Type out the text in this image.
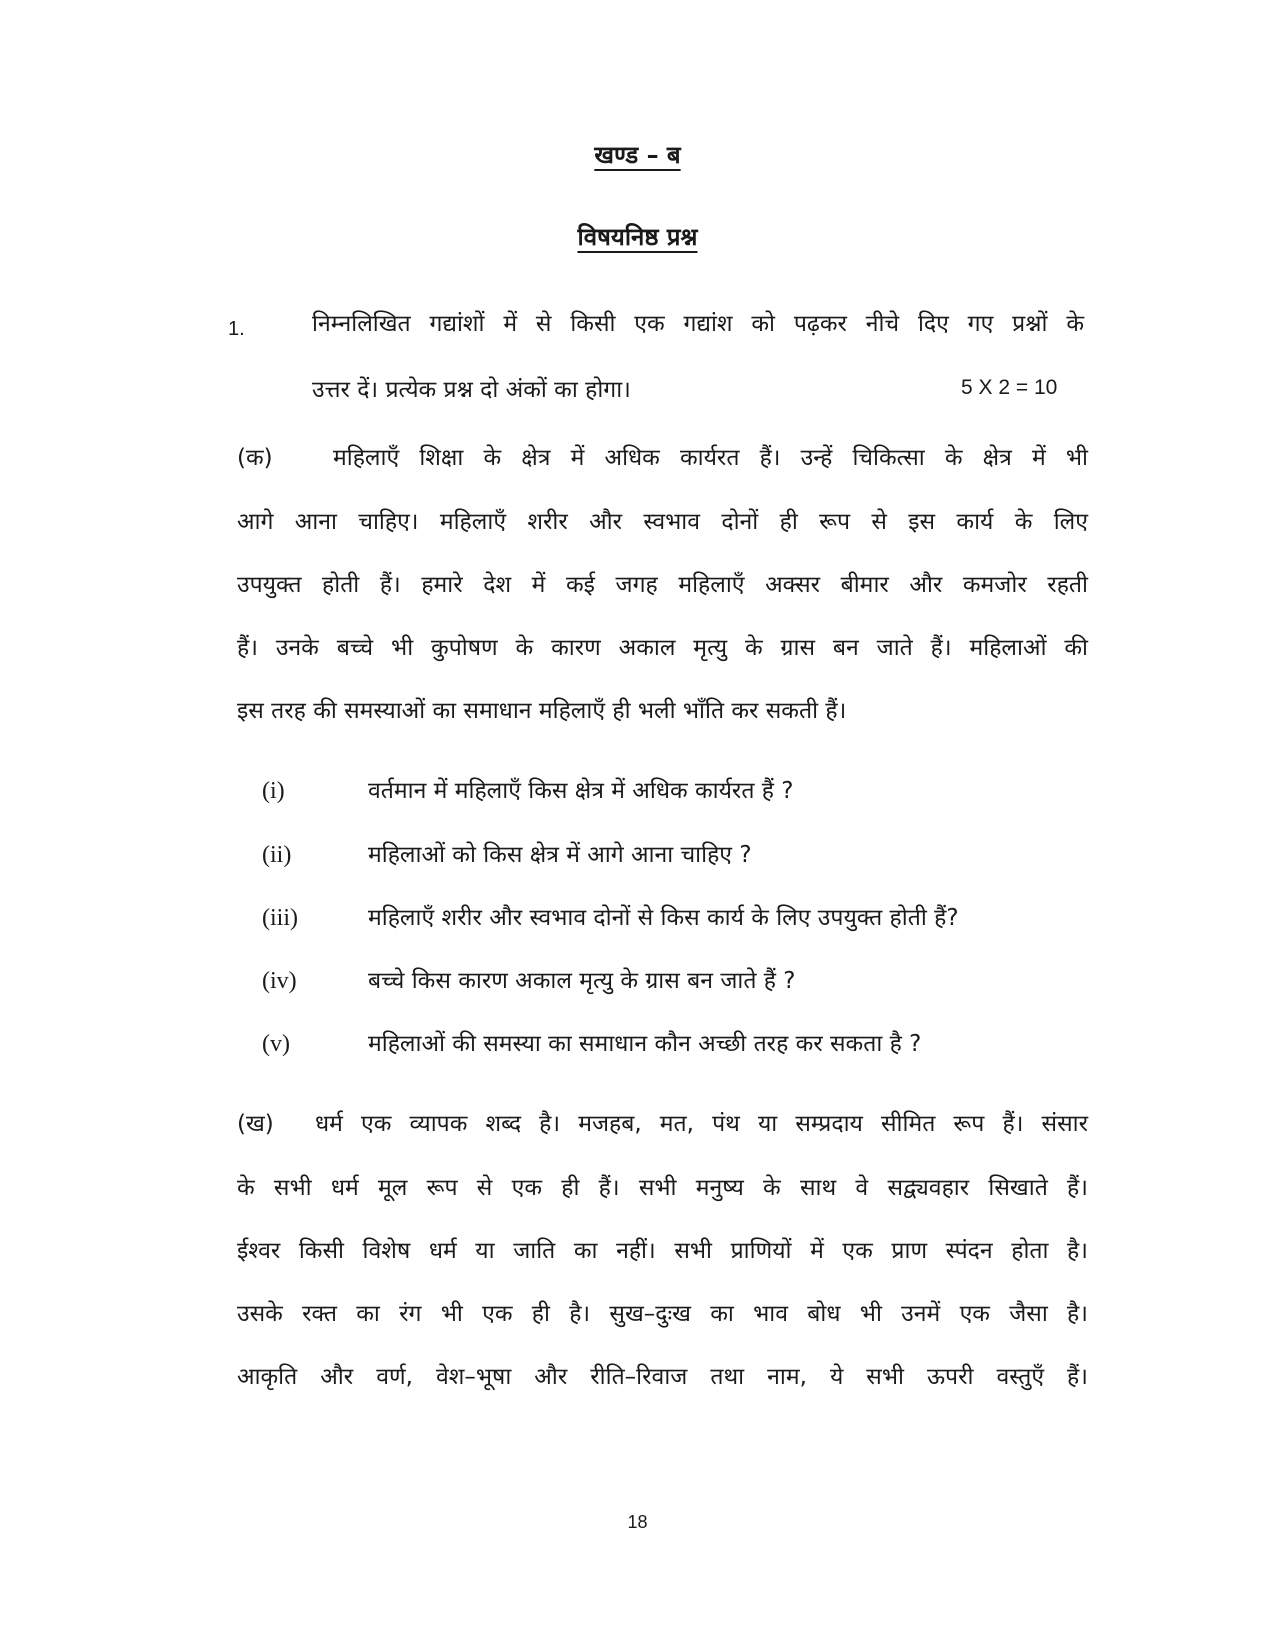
खण्ड – ब
विषयनिष्ठ प्रश्न
1.	निम्नलिखित गद्यांशों में से किसी एक गद्यांश को पढ़कर नीचे दिए गए प्रश्नों के
उत्तर दें। प्रत्येक प्रश्न दो अंकों का होगा।	5 X 2 = 10
(क)	महिलाएँ शिक्षा के क्षेत्र में अधिक कार्यरत हैं। उन्हें चिकित्सा के क्षेत्र में भी
आगे आना चाहिए। महिलाएँ शरीर और स्वभाव दोनों ही रूप से इस कार्य के लिए
उपयुक्त होती हैं। हमारे देश में कई जगह महिलाएँ अक्सर बीमार और कमजोर रहती
हैं। उनके बच्चे भी कुपोषण के कारण अकाल मृत्यु के ग्रास बन जाते हैं। महिलाओं की
इस तरह की समस्याओं का समाधान महिलाएँ ही भली भाँति कर सकती हैं।
(i)	वर्तमान में महिलाएँ किस क्षेत्र में अधिक कार्यरत हैं ?
(ii)	महिलाओं को किस क्षेत्र में आगे आना चाहिए ?
(iii)	महिलाएँ शरीर और स्वभाव दोनों से किस कार्य के लिए उपयुक्त होती हैं?
(iv)	बच्चे किस कारण अकाल मृत्यु के ग्रास बन जाते हैं ?
(v)	महिलाओं की समस्या का समाधान कौन अच्छी तरह कर सकता है ?
(ख) धर्म एक व्यापक शब्द है। मजहब, मत, पंथ या सम्प्रदाय सीमित रूप हैं। संसार
के सभी धर्म मूल रूप से एक ही हैं। सभी मनुष्य के साथ वे सद्व्यवहार सिखाते हैं।
ईश्वर किसी विशेष धर्म या जाति का नहीं। सभी प्राणियों में एक प्राण स्पंदन होता है।
उसके रक्त का रंग भी एक ही है। सुख–दुःख का भाव बोध भी उनमें एक जैसा है।
आकृति और वर्ण, वेश–भूषा और रीति–रिवाज तथा नाम, ये सभी ऊपरी वस्तुएँ हैं।
18
